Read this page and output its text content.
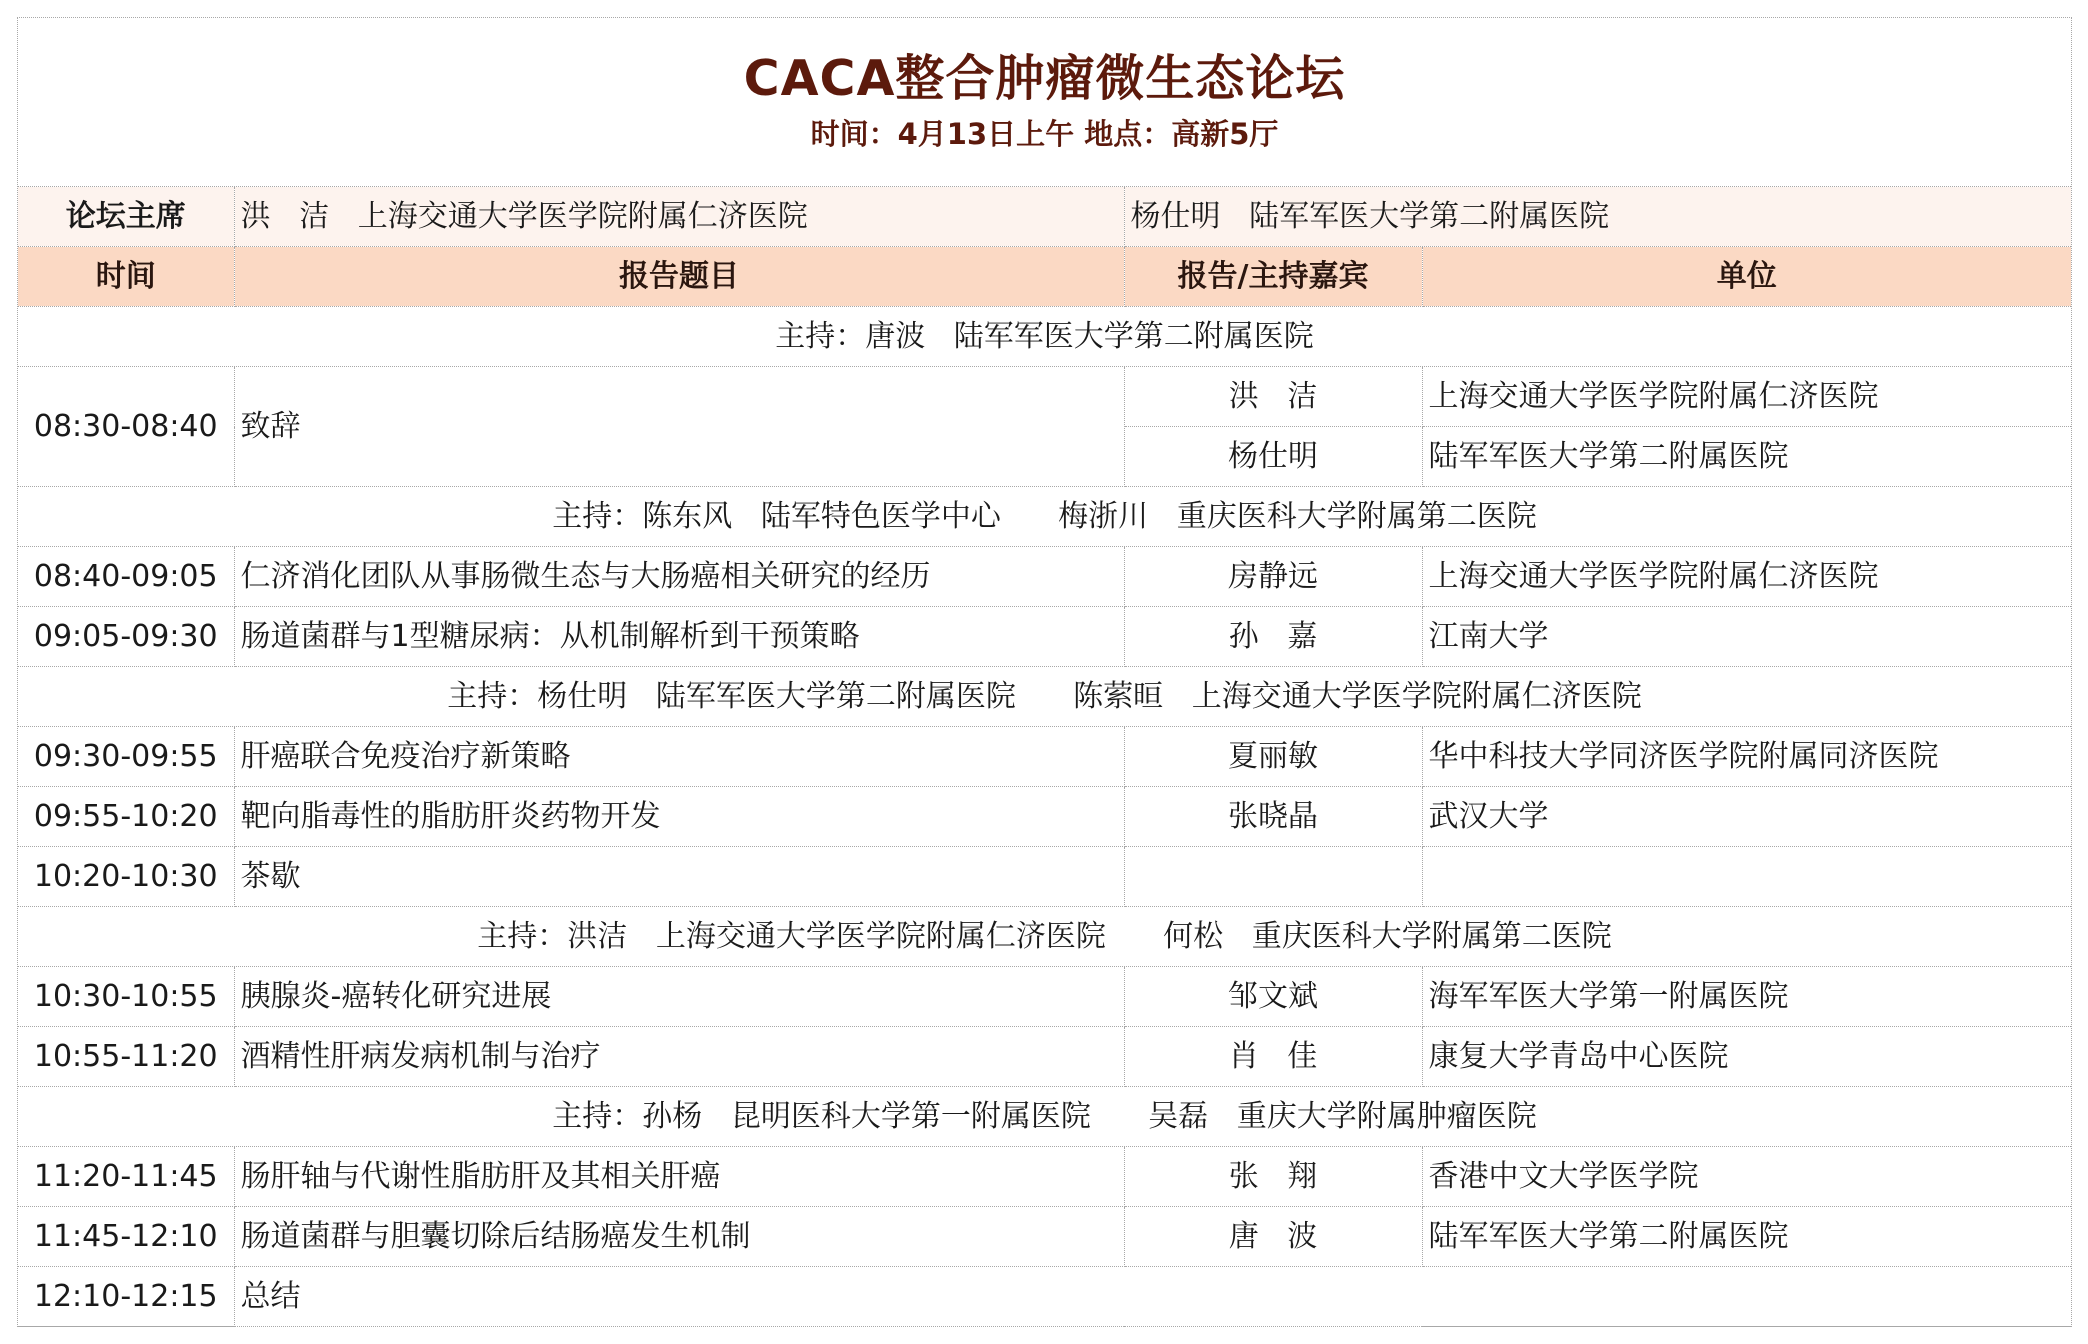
CACA整合肿瘤微生态论坛
时间：4月13日上午 地点：高新5厅
论坛主席	洪   洁   上海交通大学医学院附属仁济医院	杨仕明   陆军军医大学第二附属医院	
时间	报告题目	报告/主持嘉宾	单位
主持：唐波   陆军军医大学第二附属医院			
08:30-08:40	致辞	洪   洁	上海交通大学医学院附属仁济医院
		杨仕明	陆军军医大学第二附属医院
主持：陈东风   陆军特色医学中心      梅浙川   重庆医科大学附属第二医院			
08:40-09:05	仁济消化团队从事肠微生态与大肠癌相关研究的经历	房静远	上海交通大学医学院附属仁济医院
09:05-09:30	肠道菌群与1型糖尿病：从机制解析到干预策略	孙   嘉	江南大学
主持：杨仕明   陆军军医大学第二附属医院      陈萦晅   上海交通大学医学院附属仁济医院			
09:30-09:55	肝癌联合免疫治疗新策略	夏丽敏	华中科技大学同济医学院附属同济医院
09:55-10:20	靶向脂毒性的脂肪肝炎药物开发	张晓晶	武汉大学
10:20-10:30	茶歇		
主持：洪洁   上海交通大学医学院附属仁济医院      何松   重庆医科大学附属第二医院			
10:30-10:55	胰腺炎-癌转化研究进展	邹文斌	海军军医大学第一附属医院
10:55-11:20	酒精性肝病发病机制与治疗	肖   佳	康复大学青岛中心医院
主持：孙杨   昆明医科大学第一附属医院      吴磊   重庆大学附属肿瘤医院			
11:20-11:45	肠肝轴与代谢性脂肪肝及其相关肝癌	张   翔	香港中文大学医学院
11:45-12:10	肠道菌群与胆囊切除后结肠癌发生机制	唐   波	陆军军医大学第二附属医院
12:10-12:15	总结		
